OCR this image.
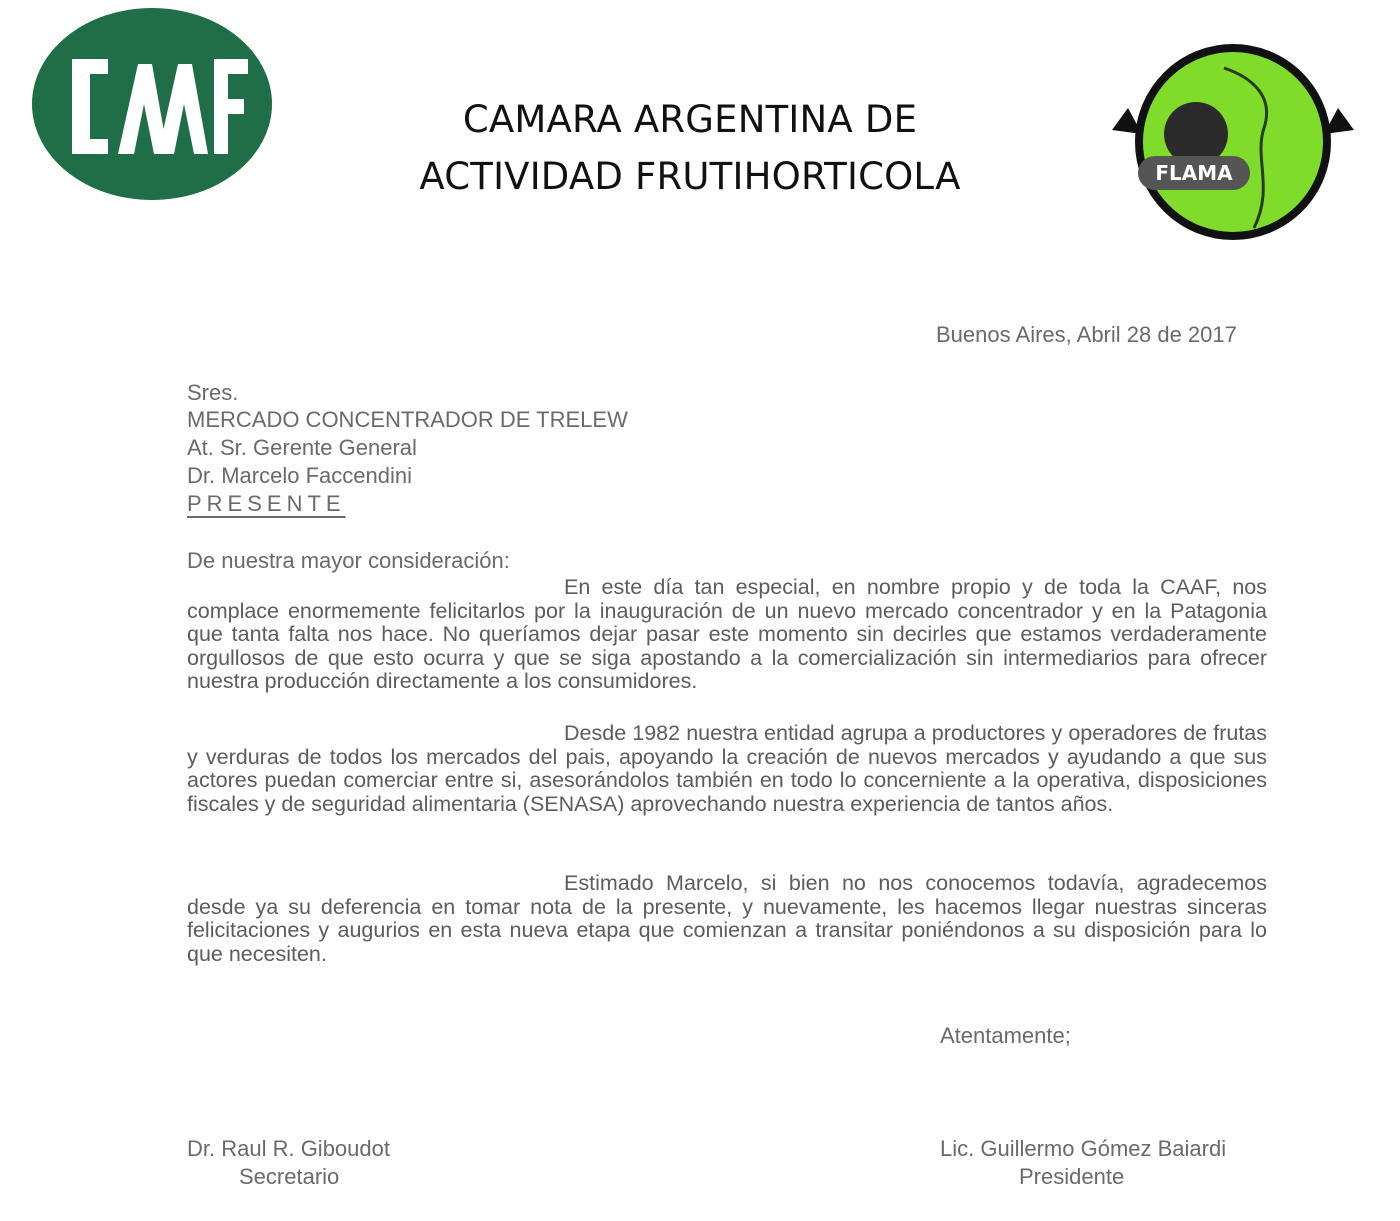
CAMARA ARGENTINA DE
ACTIVIDAD FRUTIHORTICOLA	FLAMA

Buenos Aires, Abril 28 de 2017

Sres.

MERCADO CONCENTRADOR DE TRELEW

At. Sr. Gerente General

Dr. Marcelo Faccendini

PRESENTE

De nuestra mayor consideración:

En este día tan especial, en nombre propio y de toda la CAAF, nos complace enormemente felicitarlos por la inauguración de un nuevo mercado concentrador y en la Patagonia que tanta falta nos hace. No queríamos dejar pasar este momento sin decirles que estamos verdaderamente orgullosos de que esto ocurra y que se siga apostando a la comercialización sin intermediarios para ofrecer nuestra producción directamente a los consumidores.

Desde 1982 nuestra entidad agrupa a productores y operadores de frutas y verduras de todos los mercados del pais, apoyando la creación de nuevos mercados y ayudando a que sus actores puedan comerciar entre si, asesorándolos también en todo lo concerniente a la operativa, disposiciones fiscales y de seguridad alimentaria (SENASA) aprovechando nuestra experiencia de tantos años.

Estimado Marcelo, si bien no nos conocemos todavía, agradecemos desde ya su deferencia en tomar nota de la presente, y nuevamente, les hacemos llegar nuestras sinceras felicitaciones y augurios en esta nueva etapa que comienzan a transitar poniéndonos a su disposición para lo que necesiten.

Atentamente;

Dr. Raul R. Giboudot

Secretario

Lic. Guillermo Gómez Baiardi

Presidente
